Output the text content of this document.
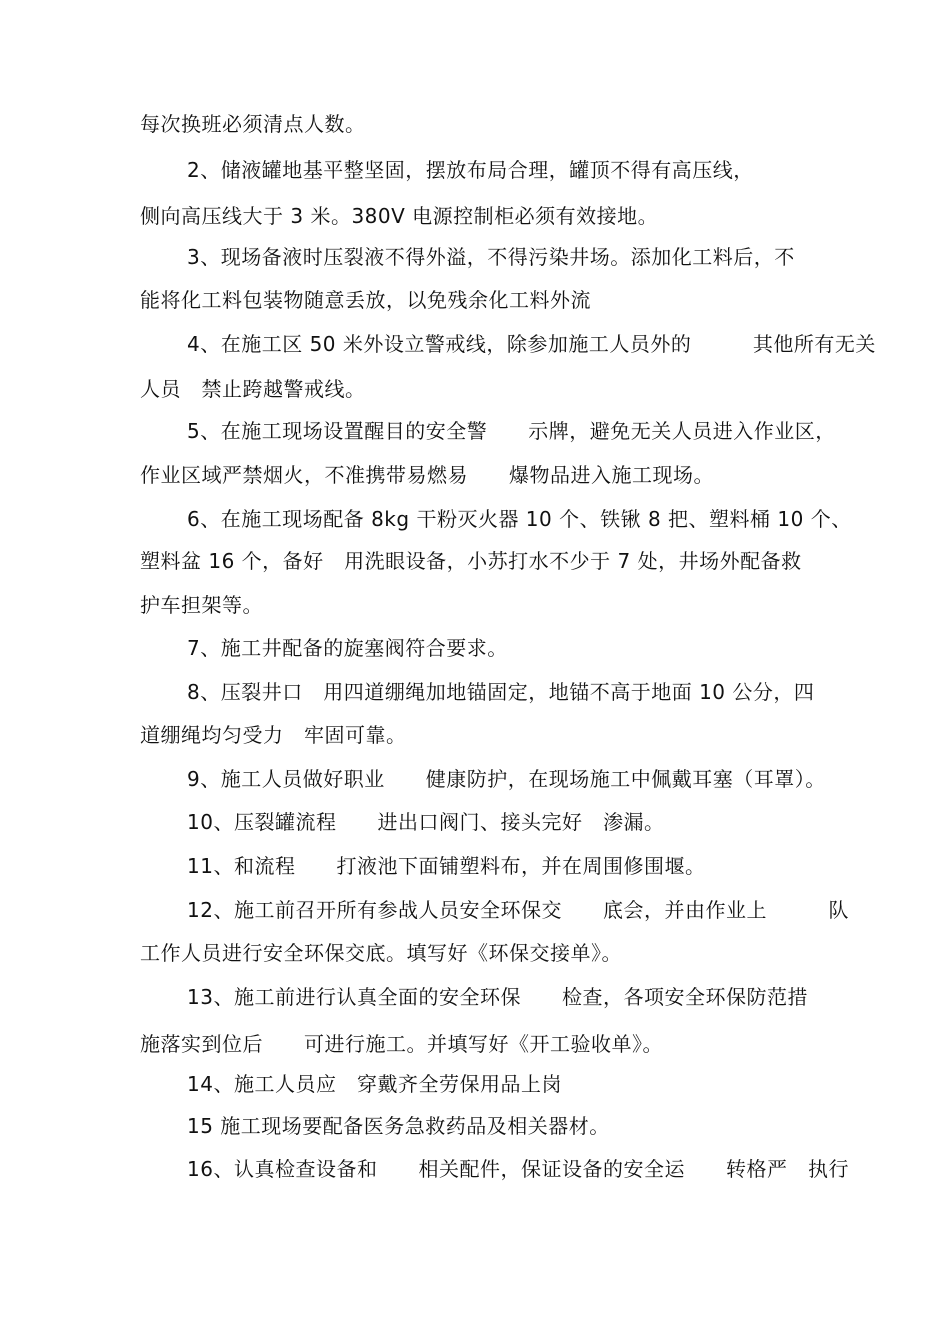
每次换班必须清点人数。
2、储液罐地基平整坚固，摆放布局合理，罐顶不得有高压线，
侧向高压线大于 3 米。380V 电源控制柜必须有效接地。
3、现场备液时压裂液不得外溢，不得污染井场。添加化工料后，不
能将化工料包装物随意丢放，以免残余化工料外流
4、在施工区 50 米外设立警戒线，除参加施工人员外的　　　其他所有无关
人员　禁止跨越警戒线。
5、在施工现场设置醒目的安全警　　示牌，避免无关人员进入作业区，
作业区域严禁烟火，不准携带易燃易　　爆物品进入施工现场。
6、在施工现场配备 8kg 干粉灭火器 10 个、铁锹 8 把、塑料桶 10 个、
塑料盆 16 个，备好　用洗眼设备，小苏打水不少于 7 处，井场外配备救
护车担架等。
7、施工井配备的旋塞阀符合要求。
8、压裂井口　用四道绷绳加地锚固定，地锚不高于地面 10 公分，四
道绷绳均匀受力　牢固可靠。
9、施工人员做好职业　　健康防护，在现场施工中佩戴耳塞（耳罩）。
10、压裂罐流程　　进出口阀门、接头完好　渗漏。
11、和流程　　打液池下面铺塑料布，并在周围修围堰。
12、施工前召开所有参战人员安全环保交　　底会，并由作业上　　　队
工作人员进行安全环保交底。填写好《环保交接单》。
13、施工前进行认真全面的安全环保　　检查，各项安全环保防范措
施落实到位后　　可进行施工。并填写好《开工验收单》。
14、施工人员应　穿戴齐全劳保用品上岗
15 施工现场要配备医务急救药品及相关器材。
16、认真检查设备和　　相关配件，保证设备的安全运　　转格严　执行
